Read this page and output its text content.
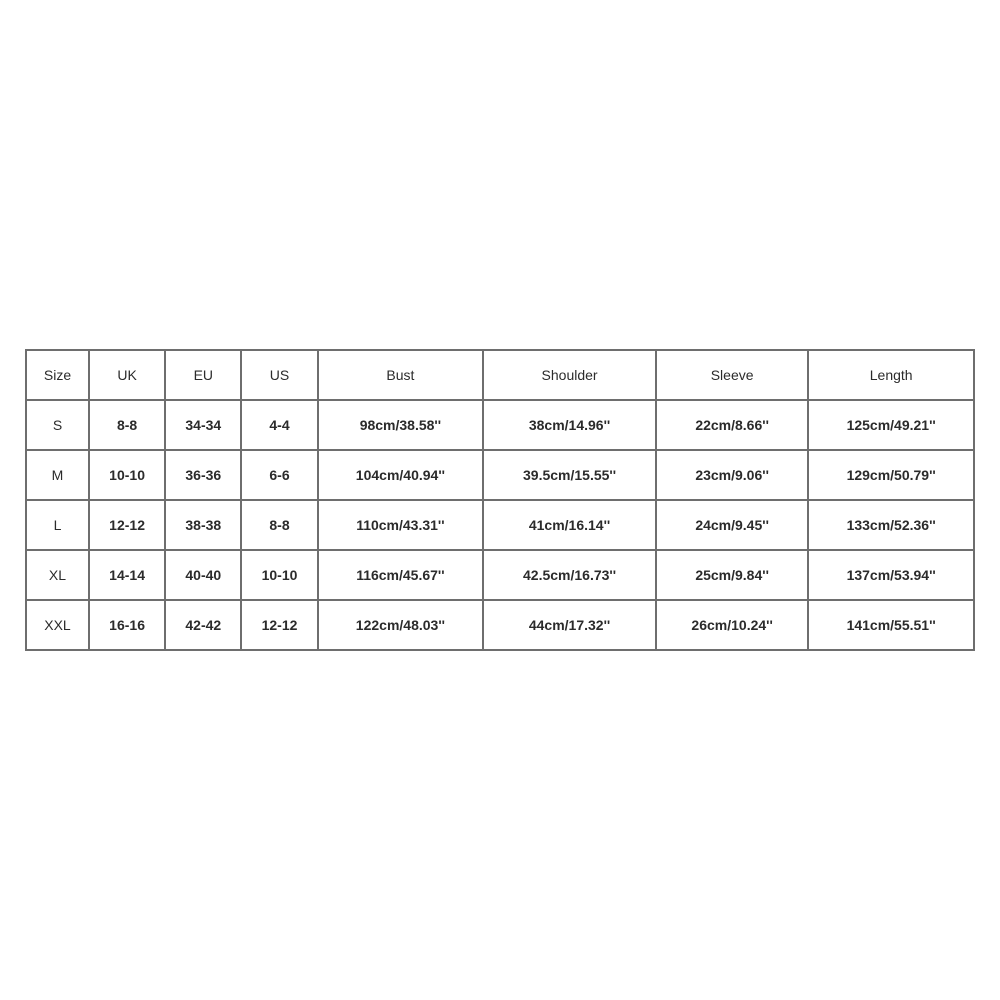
Size	UK	EU	US	Bust	Shoulder	Sleeve	Length
S	8-8	34-34	4-4	98cm/38.58''	38cm/14.96''	22cm/8.66''	125cm/49.21''
M	10-10	36-36	6-6	104cm/40.94''	39.5cm/15.55''	23cm/9.06''	129cm/50.79''
L	12-12	38-38	8-8	110cm/43.31''	41cm/16.14''	24cm/9.45''	133cm/52.36''
XL	14-14	40-40	10-10	116cm/45.67''	42.5cm/16.73''	25cm/9.84''	137cm/53.94''
XXL	16-16	42-42	12-12	122cm/48.03''	44cm/17.32''	26cm/10.24''	141cm/55.51''
